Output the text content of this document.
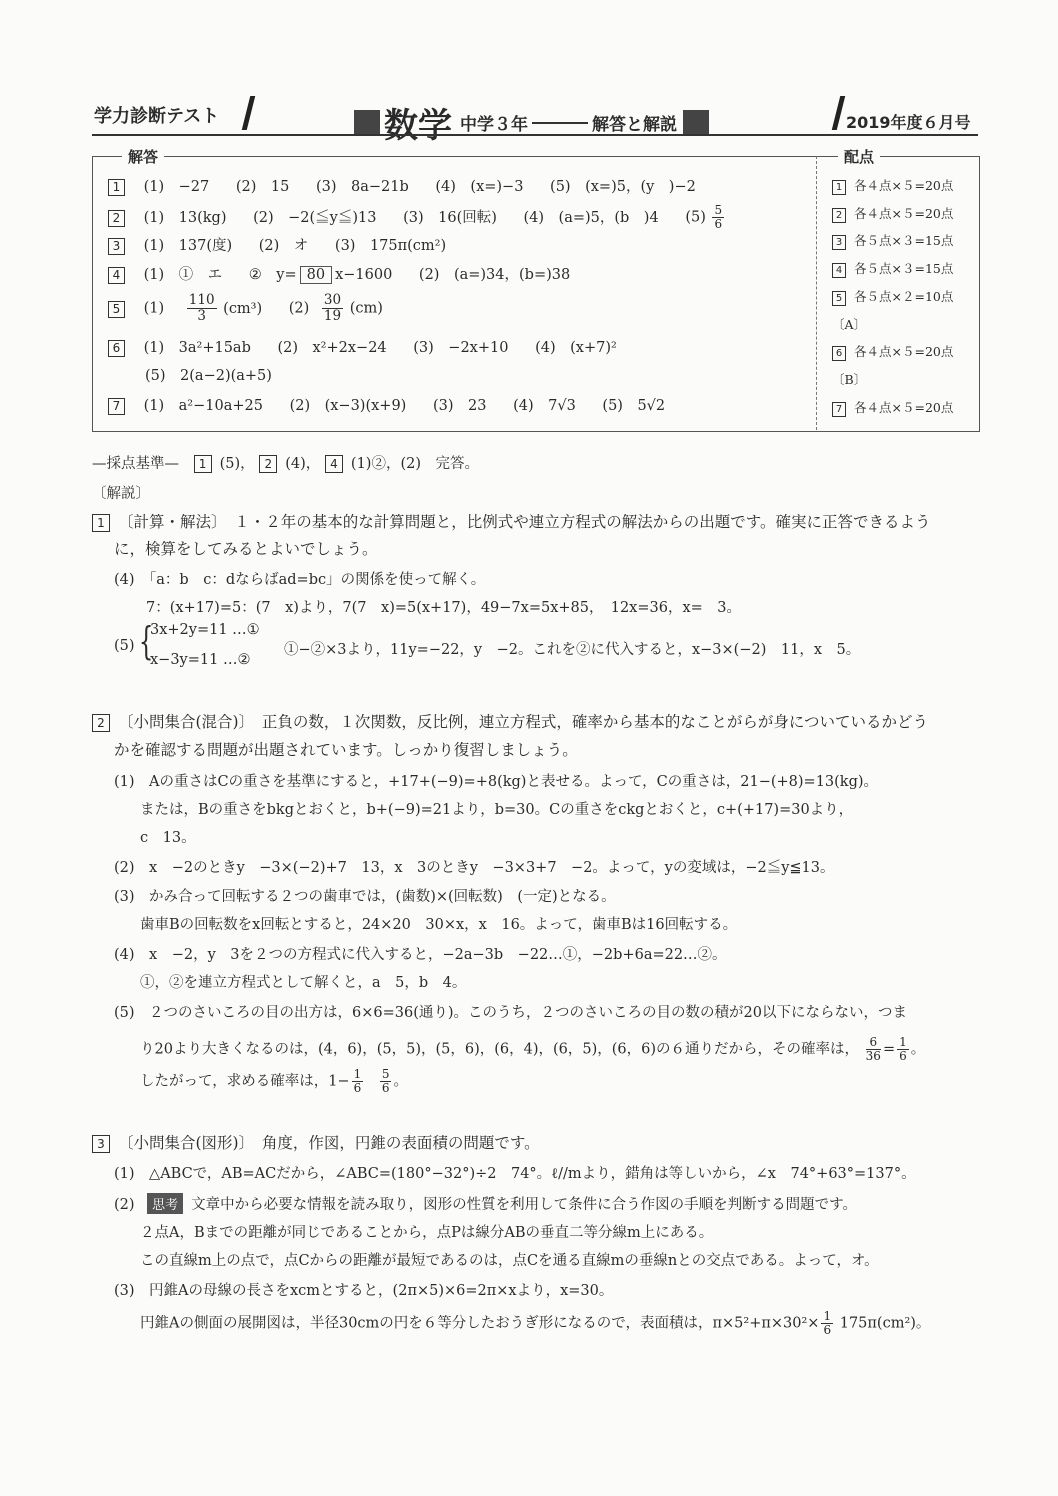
学力診断テスト	数学 中学３年	解答と解説	2019年度６月号
解答	配点
1 (1)　−27 (2)　15 (3)　8a−21b (4)　(x=)−3 (5)　(x=)5，(y　)−2
2 (1)　13(kg) (2)　−2(≦y≦)13 (3)　16(回転) (4)　(a=)5，(b　)4 $(5) \frac{5}{6}$
3 (1)　137(度) (2)　オ (3)　175π(cm²)
4 (1)　①　エ ②　y= 80 x−1600 (2)　(a=)34，(b=)38
5 $(1) \frac{110}{3} (cm^3)$ $(2) \frac{30}{19} (cm)$
6 (1)　3a²+15ab (2)　x²+2x−24 (3)　−2x+10 (4)　(x+7)²
(5)　2(a−2)(a+5)
7 (1)　a²−10a+25 (2)　(x−3)(x+9) (3)　23 (4)　7√3 (5)　5√2
1 各４点×５=20点
2 各４点×５=20点
3 各５点×３=15点
4 各５点×３=15点
5 各５点×２=10点
〔A〕
6 各４点×５=20点
〔B〕
7 各４点×５=20点
—採点基準— 1 (5)， 2 (4)， 4 (1)②，(2)　完答。
〔解説〕
1 〔計算・解法〕　１・２年の基本的な計算問題と，比例式や連立方程式の解法からの出題です。確実に正答できるよう
に，検算をしてみるとよいでしょう。
(4)　「a：b　c：dならばad=bc」の関係を使って解く。
7：(x+17)=5：(7　x)より，7(7　x)=5(x+17)，49−7x=5x+85，　12x=36，x=　3。
(5) {
3x+2y=11 …①
x−3y=11 …②
①−②×3より，11y=−22，y　−2。これを②に代入すると，x−3×(−2)　11，x　5。
2 〔小問集合(混合)〕　正負の数，１次関数，反比例，連立方程式，確率から基本的なことがらが身についているかどう
かを確認する問題が出題されています。しっかり復習しましょう。
(1)　Aの重さはCの重さを基準にすると，+17+(−9)=+8(kg)と表せる。よって，Cの重さは，21−(+8)=13(kg)。
または，Bの重さをbkgとおくと，b+(−9)=21より，b=30。Cの重さをckgとおくと，c+(+17)=30より，
c　13。
(2)　x　−2のときy　−3×(−2)+7　13，x　3のときy　−3×3+7　−2。よって，yの変域は，−2≦y≦13。
(3)　かみ合って回転する２つの歯車では，(歯数)×(回転数)　(一定)となる。
歯車Bの回転数をx回転とすると，24×20　30×x，x　16。よって，歯車Bは16回転する。
(4)　x　−2，y　3を２つの方程式に代入すると，−2a−3b　−22…①，−2b+6a=22…②。
①，②を連立方程式として解くと，a　5，b　4。
(5)　２つのさいころの目の出方は，6×6=36(通り)。このうち，２つのさいころの目の数の積が20以下にならない，つま
り20より大きくなるのは，(4，6)，(5，5)，(5，6)，(6，4)，(6，5)，(6，6)の６通りだから，その確率は， $\frac{6}{36} = \frac{1}{6}$ 。
したがって，求める確率は，$1- \frac{1}{6}$
$\frac{5}{6}$ 。
3 〔小問集合(図形)〕　角度，作図，円錐の表面積の問題です。
(1)　△ABCで，AB=ACだから，∠ABC=(180°−32°)÷2　74°。ℓ//mより，錯角は等しいから，∠x　74°+63°=137°。
(2) 思考 文章中から必要な情報を読み取り，図形の性質を利用して条件に合う作図の手順を判断する問題です。
２点A，Bまでの距離が同じであることから，点Pは線分ABの垂直二等分線m上にある。
この直線m上の点で，点Cからの距離が最短であるのは，点Cを通る直線mの垂線nとの交点である。よって，オ。
(3)　円錐Aの母線の長さをxcmとすると，(2π×5)×6=2π×xより，x=30。
円錐Aの側面の展開図は，半径30cmの円を６等分したおうぎ形になるので，表面積は，$\pi\times 5^2+\pi\times 30^2\times \frac{1}{6} 175\pi(cm^2)$。
